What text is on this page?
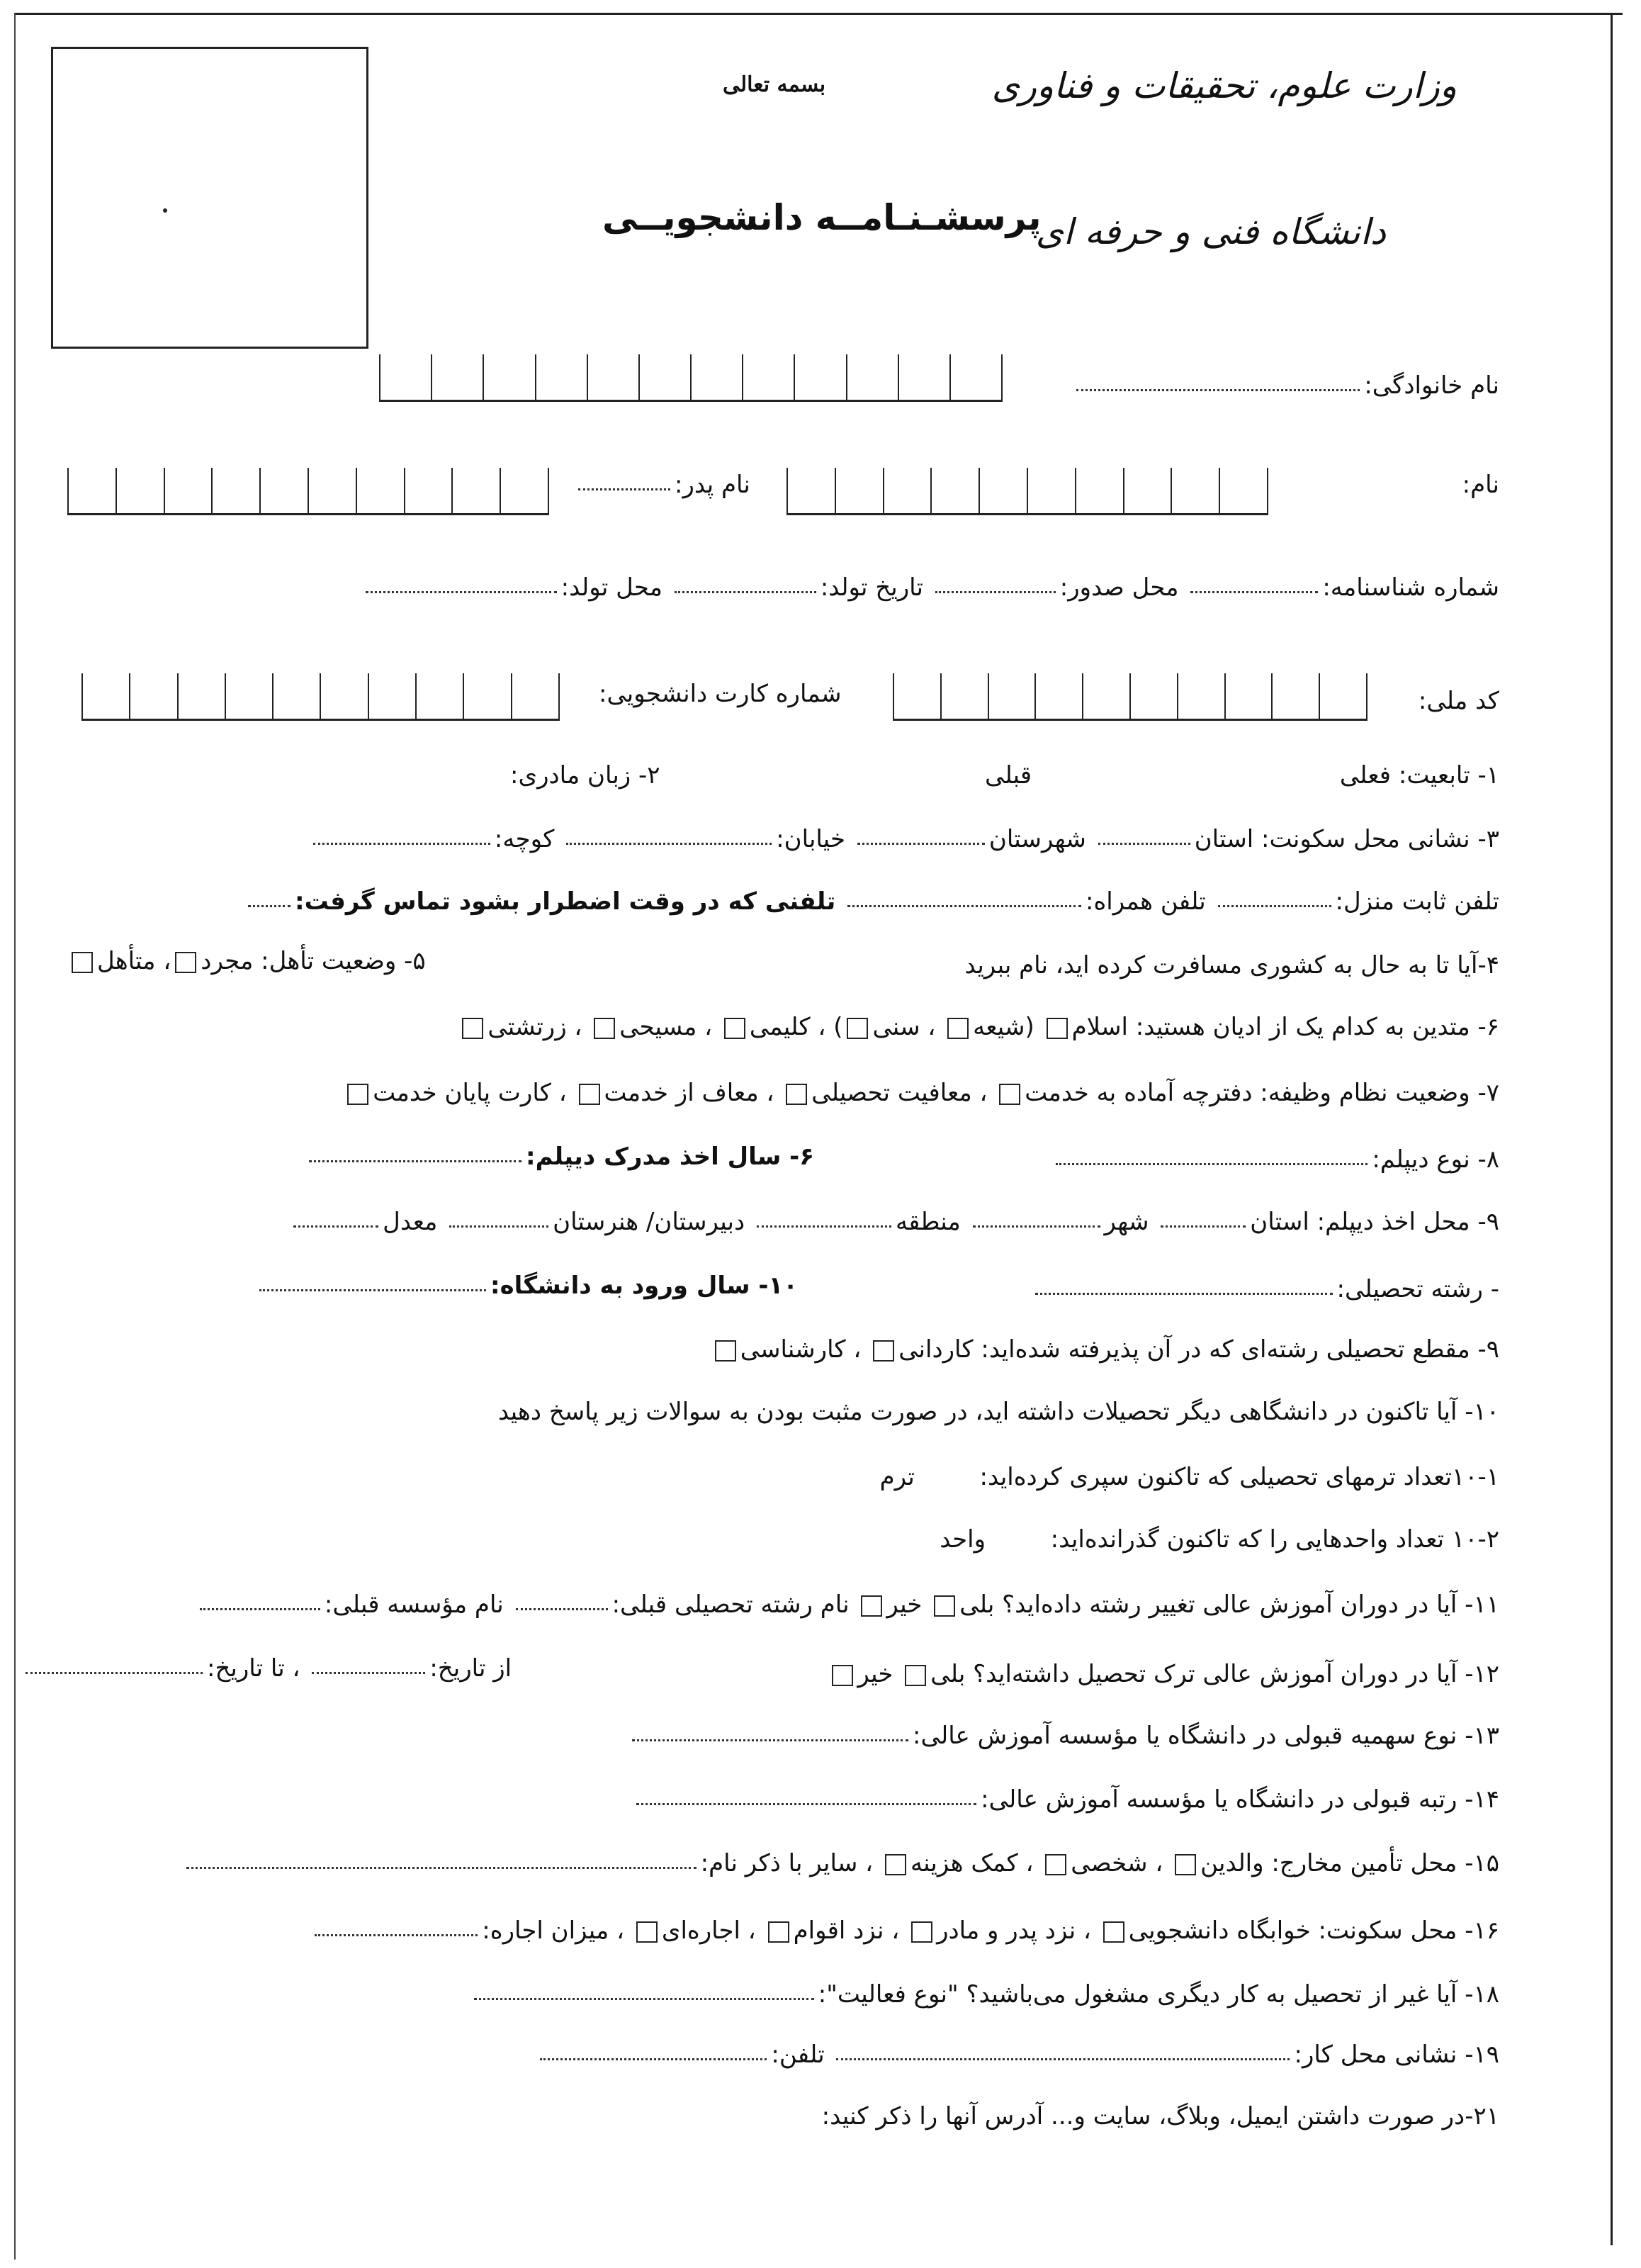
بسمه تعالی	وزارت علوم، تحقیقات و فناوری
پرسشـنـامــه دانشجویــی
دانشگاه فنی و حرفه ای
نام خانوادگی:
نام:
نام پدر:
شماره شناسنامه: محل صدور: تاریخ تولد: محل تولد:
کد ملی:
شماره کارت دانشجویی:
۱- تابعیت: فعلی
قبلی
۲- زبان مادری:
۳- نشانی محل سکونت: استان شهرستان خیابان: کوچه:
تلفن ثابت منزل: تلفن همراه: تلفنی که در وقت اضطرار بشود تماس گرفت:
۴-آیا تا به حال به کشوری مسافرت کرده اید، نام ببرید
۵- وضعیت تأهل: مجرد، متأهل
۶- متدین به کدام یک از ادیان هستید: اسلام (شیعه ، سنی) ، کلیمی ، مسیحی ، زرتشتی
۷- وضعیت نظام وظیفه: دفترچه آماده به خدمت ، معافیت تحصیلی ، معاف از خدمت ، کارت پایان خدمت
۸- نوع دیپلم:
۶- سال اخذ مدرک دیپلم:
۹- محل اخذ دیپلم: استان شهر منطقه دبیرستان/ هنرستان معدل
- رشته تحصیلی:
۱۰- سال ورود به دانشگاه:
۹- مقطع تحصیلی رشته‌ای که در آن پذیرفته شده‌اید: کاردانی ، کارشناسی
۱۰- آیا تاکنون در دانشگاهی دیگر تحصیلات داشته اید، در صورت مثبت بودن به سوالات زیر پاسخ دهید
۱۰-۱تعداد ترمهای تحصیلی که تاکنون سپری کرده‌اید:  ترم
۱۰-۲ تعداد واحدهایی را که تاکنون گذرانده‌اید:  واحد
۱۱- آیا در دوران آموزش عالی تغییر رشته داده‌اید؟ بلی خیر نام رشته تحصیلی قبلی: نام مؤسسه قبلی:
۱۲- آیا در دوران آموزش عالی ترک تحصیل داشته‌اید؟ بلی خیر
از تاریخ: ، تا تاریخ:
۱۳- نوع سهمیه قبولی در دانشگاه یا مؤسسه آموزش عالی:
۱۴- رتبه قبولی در دانشگاه یا مؤسسه آموزش عالی:
۱۵- محل تأمین مخارج: والدین ، شخصی ، کمک هزینه ، سایر با ذکر نام:
۱۶- محل سکونت: خوابگاه دانشجویی ، نزد پدر و مادر ، نزد اقوام ، اجاره‌ای ، میزان اجاره:
۱۸- آیا غیر از تحصیل به کار دیگری مشغول می‌باشید؟ "نوع فعالیت":
۱۹- نشانی محل کار: تلفن:
۲۱-در صورت داشتن ایمیل، وبلاگ، سایت و... آدرس آنها را ذکر کنید:
